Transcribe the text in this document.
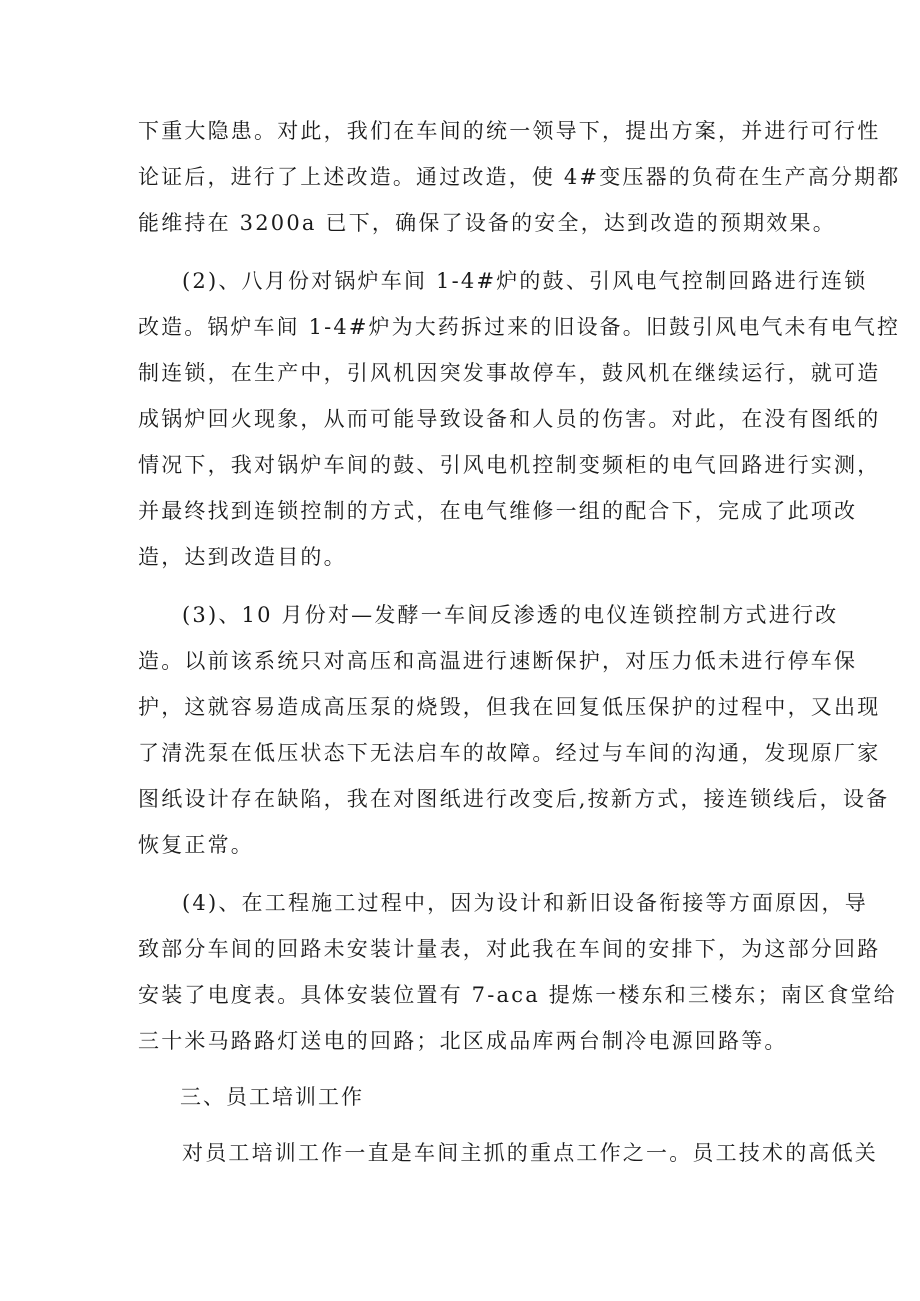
下重大隐患。对此，我们在车间的统一领导下，提出方案，并进行可行性
论证后，进行了上述改造。通过改造，使 4#变压器的负荷在生产高分期都
能维持在 3200a 已下，确保了设备的安全，达到改造的预期效果。
(2)、八月份对锅炉车间 1-4#炉的鼓、引风电气控制回路进行连锁
改造。锅炉车间 1-4#炉为大药拆过来的旧设备。旧鼓引风电气未有电气控
制连锁，在生产中，引风机因突发事故停车，鼓风机在继续运行，就可造
成锅炉回火现象，从而可能导致设备和人员的伤害。对此，在没有图纸的
情况下，我对锅炉车间的鼓、引风电机控制变频柜的电气回路进行实测，
并最终找到连锁控制的方式，在电气维修一组的配合下，完成了此项改
造，达到改造目的。
(3)、10 月份对—发酵一车间反渗透的电仪连锁控制方式进行改
造。以前该系统只对高压和高温进行速断保护，对压力低未进行停车保
护，这就容易造成高压泵的烧毁，但我在回复低压保护的过程中，又出现
了清洗泵在低压状态下无法启车的故障。经过与车间的沟通，发现原厂家
图纸设计存在缺陷，我在对图纸进行改变后,按新方式，接连锁线后，设备
恢复正常。
(4)、在工程施工过程中，因为设计和新旧设备衔接等方面原因，导
致部分车间的回路未安装计量表，对此我在车间的安排下，为这部分回路
安装了电度表。具体安装位置有 7-aca 提炼一楼东和三楼东；南区食堂给
三十米马路路灯送电的回路；北区成品库两台制冷电源回路等。
三、员工培训工作
对员工培训工作一直是车间主抓的重点工作之一。员工技术的高低关
